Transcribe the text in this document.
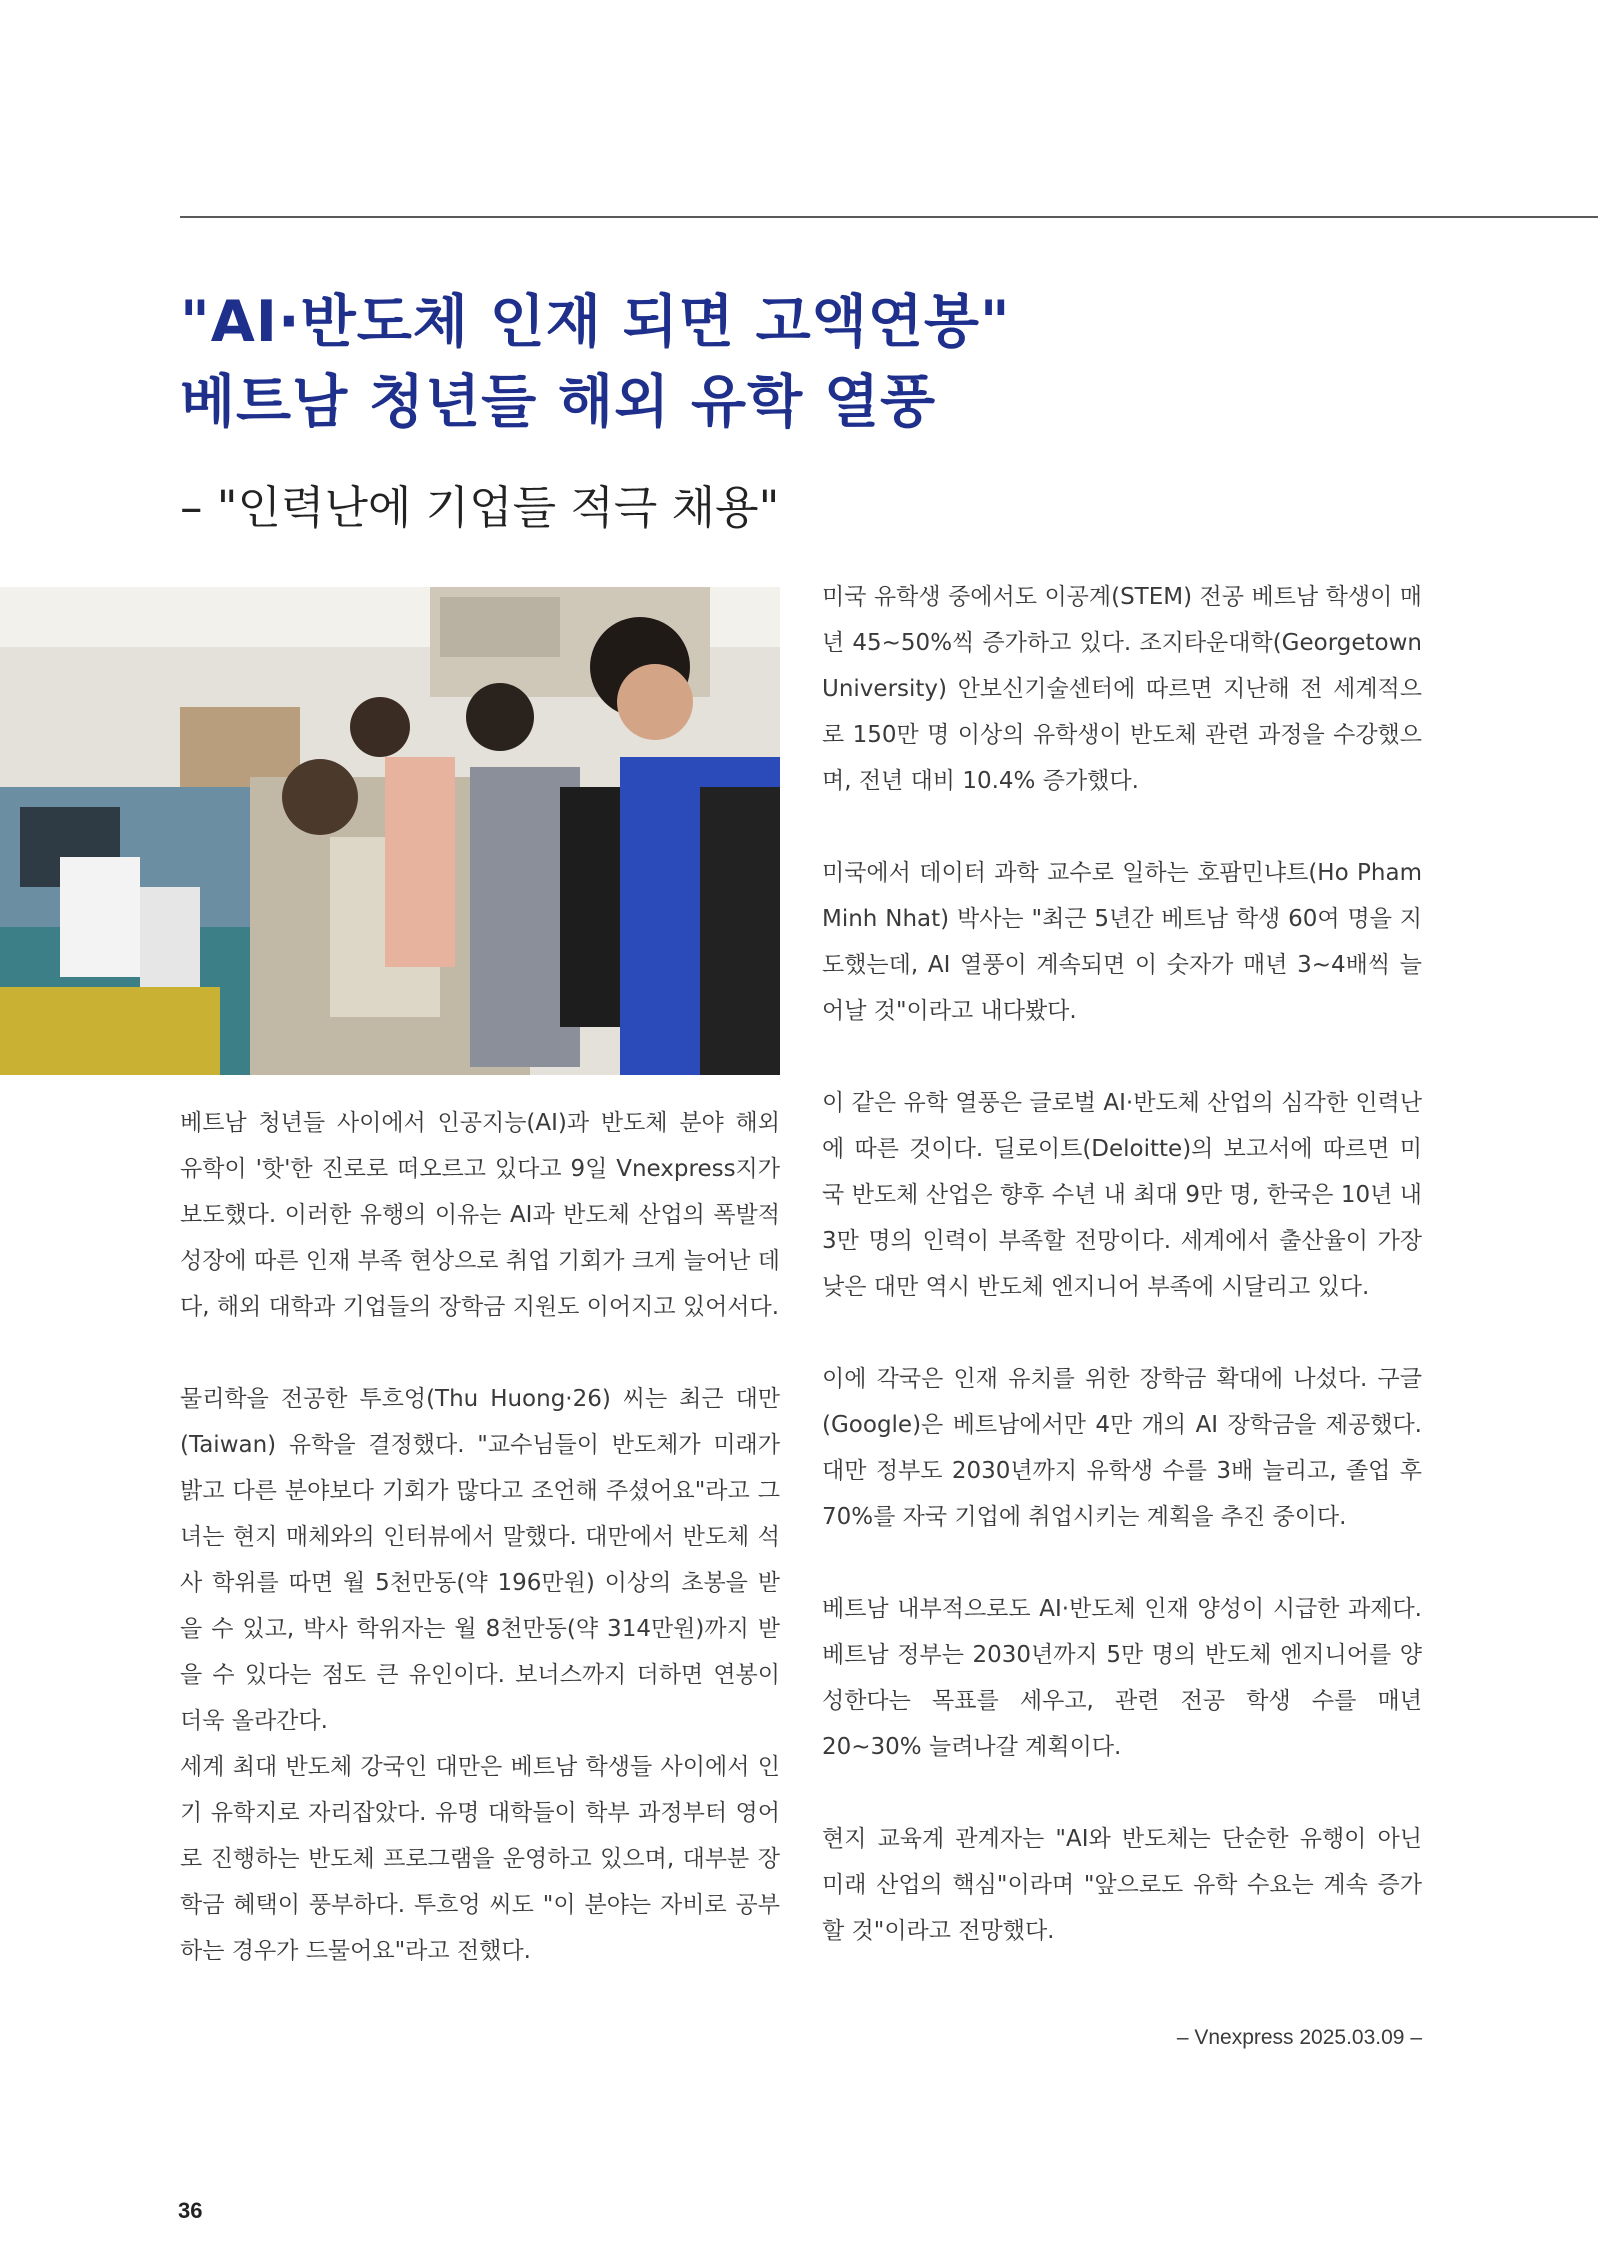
"AI·반도체 인재 되면 고액연봉"
베트남 청년들 해외 유학 열풍
– "인력난에 기업들 적극 채용"

베트남 청년들 사이에서 인공지능(AI)과 반도체 분야 해외 유학이 '핫'한 진로로 떠오르고 있다고 9일 Vnexpress지가 보도했다. 이러한 유행의 이유는 AI과 반도체 산업의 폭발적 성장에 따른 인재 부족 현상으로 취업 기회가 크게 늘어난 데다, 해외 대학과 기업들의 장학금 지원도 이어지고 있어서다.

물리학을 전공한 투흐엉(Thu Huong·26) 씨는 최근 대만(Taiwan) 유학을 결정했다. "교수님들이 반도체가 미래가 밝고 다른 분야보다 기회가 많다고 조언해 주셨어요"라고 그녀는 현지 매체와의 인터뷰에서 말했다. 대만에서 반도체 석사 학위를 따면 월 5천만동(약 196만원) 이상의 초봉을 받을 수 있고, 박사 학위자는 월 8천만동(약 314만원)까지 받을 수 있다는 점도 큰 유인이다. 보너스까지 더하면 연봉이 더욱 올라간다.

세계 최대 반도체 강국인 대만은 베트남 학생들 사이에서 인기 유학지로 자리잡았다. 유명 대학들이 학부 과정부터 영어로 진행하는 반도체 프로그램을 운영하고 있으며, 대부분 장학금 혜택이 풍부하다. 투흐엉 씨도 "이 분야는 자비로 공부하는 경우가 드물어요"라고 전했다.

미국 유학생 중에서도 이공계(STEM) 전공 베트남 학생이 매년 45~50%씩 증가하고 있다. 조지타운대학(Georgetown University) 안보신기술센터에 따르면 지난해 전 세계적으로 150만 명 이상의 유학생이 반도체 관련 과정을 수강했으며, 전년 대비 10.4% 증가했다.

미국에서 데이터 과학 교수로 일하는 호팜민냐트(Ho Pham Minh Nhat) 박사는 "최근 5년간 베트남 학생 60여 명을 지도했는데, AI 열풍이 계속되면 이 숫자가 매년 3~4배씩 늘어날 것"이라고 내다봤다.

이 같은 유학 열풍은 글로벌 AI·반도체 산업의 심각한 인력난에 따른 것이다. 딜로이트(Deloitte)의 보고서에 따르면 미국 반도체 산업은 향후 수년 내 최대 9만 명, 한국은 10년 내 3만 명의 인력이 부족할 전망이다. 세계에서 출산율이 가장 낮은 대만 역시 반도체 엔지니어 부족에 시달리고 있다.

이에 각국은 인재 유치를 위한 장학금 확대에 나섰다. 구글(Google)은 베트남에서만 4만 개의 AI 장학금을 제공했다. 대만 정부도 2030년까지 유학생 수를 3배 늘리고, 졸업 후 70%를 자국 기업에 취업시키는 계획을 추진 중이다.

베트남 내부적으로도 AI·반도체 인재 양성이 시급한 과제다. 베트남 정부는 2030년까지 5만 명의 반도체 엔지니어를 양성한다는 목표를 세우고, 관련 전공 학생 수를 매년 20~30% 늘려나갈 계획이다.

현지 교육계 관계자는 "AI와 반도체는 단순한 유행이 아닌 미래 산업의 핵심"이라며 "앞으로도 유학 수요는 계속 증가할 것"이라고 전망했다.

– Vnexpress 2025.03.09 –
36
